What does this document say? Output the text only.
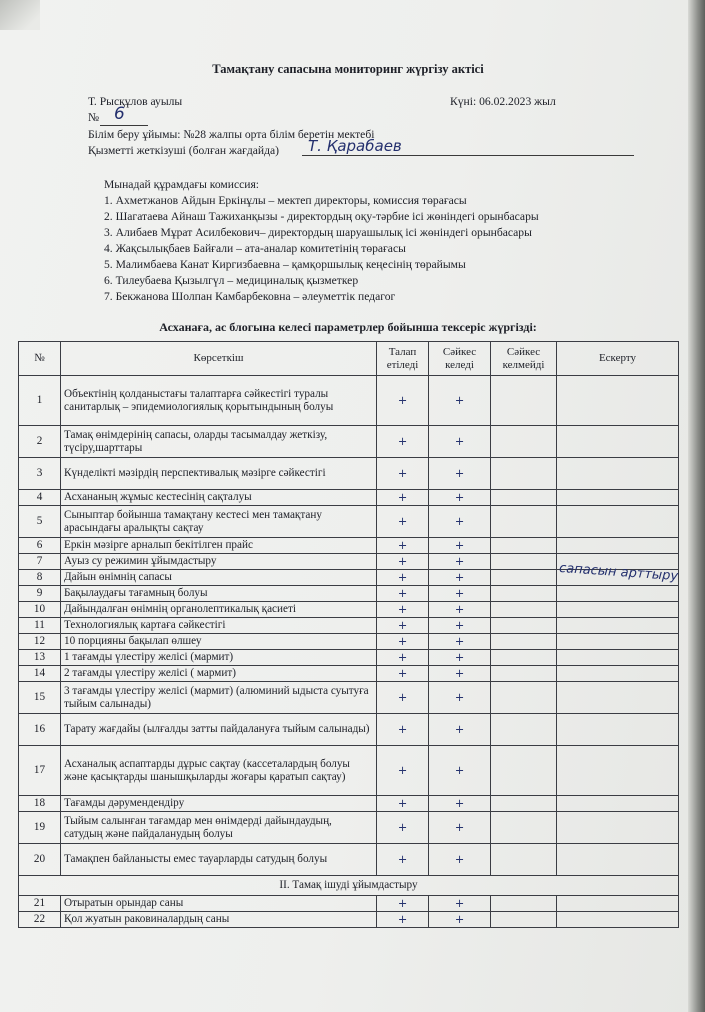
Тамақтану сапасына мониторинг жүргізу актісі
Т. Рысқұлов ауылы	Күні: 06.02.2023 жыл
№ 6
Білім беру ұйымы: №28 жалпы орта білім беретін мектебі
Қызметті жеткізуші (болған жағдайда) Т. Қарабаев
Мынадай құрамдағы комиссия:
1. Ахметжанов Айдын Еркінұлы – мектеп директоры, комиссия төрағасы
2. Шагатаева Айнаш Тажиханқызы - директордың оқу-тәрбие ісі жөніндегі орынбасары
3. Алибаев Мұрат Асилбекович– директордың шаруашылық ісі жөніндегі орынбасары
4. Жақсылықбаев Байғали – ата-аналар комитетінің төрағасы
5. Малимбаева Канат Киргизбаевна – қамқоршылық кеңесінің төрайымы
6. Тилеубаева Қызылгүл – медициналық қызметкер
7. Бекжанова Шолпан Камбарбековна – әлеуметтік педагог
Асханаға, ас блогына келесі параметрлер бойынша тексеріс жүргізді:
№	Көрсеткіш	Талап етіледі	Сәйкес келеді	Сәйкес келмейді	Ескерту
1	Объектінің қолданыстағы талаптарға сәйкестігі туралы санитарлық – эпидемиологиялық қорытындының болуы	+	+		
2	Тамақ өнімдерінің сапасы, оларды тасымалдау жеткізу, түсіру,шарттары	+	+		
3	Күнделікті мәзірдің перспективалық мәзірге сәйкестігі	+	+		
4	Асхананың жұмыс кестесінің сақталуы	+	+		
5	Сыныптар бойынша тамақтану кестесі мен тамақтану арасындағы аралықты сақтау	+	+		
6	Еркін мәзірге арналып бекітілген прайс	+	+		
7	Ауыз су режимин ұйымдастыру	+	+		
8	Дайын өнімнің сапасы	+	+		сапасын арттыру

9	Бақылаудағы тағамның болуы	+	+		
10	Дайындалған өнімнің органолептикалық қасиеті	+	+		
11	Технологиялық картаға сәйкестігі	+	+		
12	10 порцияны бақылап өлшеу	+	+		
13	1 тағамды үлестіру желісі (мармит)	+	+		
14	2 тағамды үлестіру желісі ( мармит)	+	+		
15	3 тағамды үлестіру желісі (мармит) (алюминий ыдыста суытуға тыйым салынады)	+	+		
16	Тарату жағдайы (ылғалды затты пайдалануға тыйым салынады)	+	+		
17	Асханалық аспаптарды дұрыс сақтау (кассеталардың болуы және қасықтарды шанышқыларды жоғары қаратып сақтау)	+	+		
18	Тағамды дәрумендендіру	+	+		
19	Тыйым салынған тағамдар мен өнімдерді дайындаудың, сатудың және пайдаланудың болуы	+	+		
20	Тамақпен байланысты емес тауарларды сатудың болуы	+	+		
II. Тамақ ішуді ұйымдастыру					
21	Отыратын орындар саны	+	+		
22	Қол жуатын раковиналардың саны	+	+		
